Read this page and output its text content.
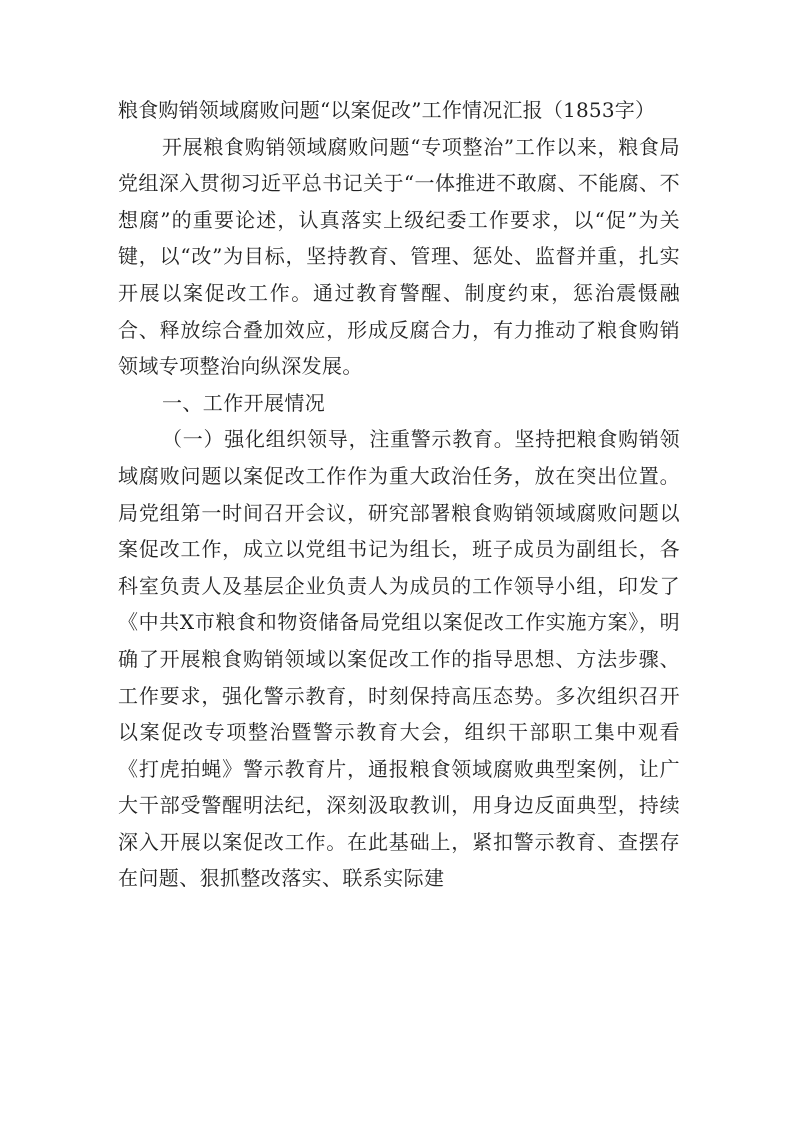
粮食购销领域腐败问题“以案促改”工作情况汇报（1853字）

开展粮食购销领域腐败问题“专项整治”工作以来，粮食局党组深入贯彻习近平总书记关于“一体推进不敢腐、不能腐、不想腐”的重要论述，认真落实上级纪委工作要求，以“促”为关键，以“改”为目标，坚持教育、管理、惩处、监督并重，扎实开展以案促改工作。通过教育警醒、制度约束，惩治震慑融合、释放综合叠加效应，形成反腐合力，有力推动了粮食购销领域专项整治向纵深发展。

一、工作开展情况

（一）强化组织领导，注重警示教育。坚持把粮食购销领域腐败问题以案促改工作作为重大政治任务，放在突出位置。局党组第一时间召开会议，研究部署粮食购销领域腐败问题以案促改工作，成立以党组书记为组长，班子成员为副组长，各科室负责人及基层企业负责人为成员的工作领导小组，印发了《中共X市粮食和物资储备局党组以案促改工作实施方案》，明确了开展粮食购销领域以案促改工作的指导思想、方法步骤、工作要求，强化警示教育，时刻保持高压态势。多次组织召开以案促改专项整治暨警示教育大会，组织干部职工集中观看《打虎拍蝇》警示教育片，通报粮食领域腐败典型案例，让广大干部受警醒明法纪，深刻汲取教训，用身边反面典型，持续深入开展以案促改工作。在此基础上，紧扣警示教育、查摆存在问题、狠抓整改落实、联系实际建
